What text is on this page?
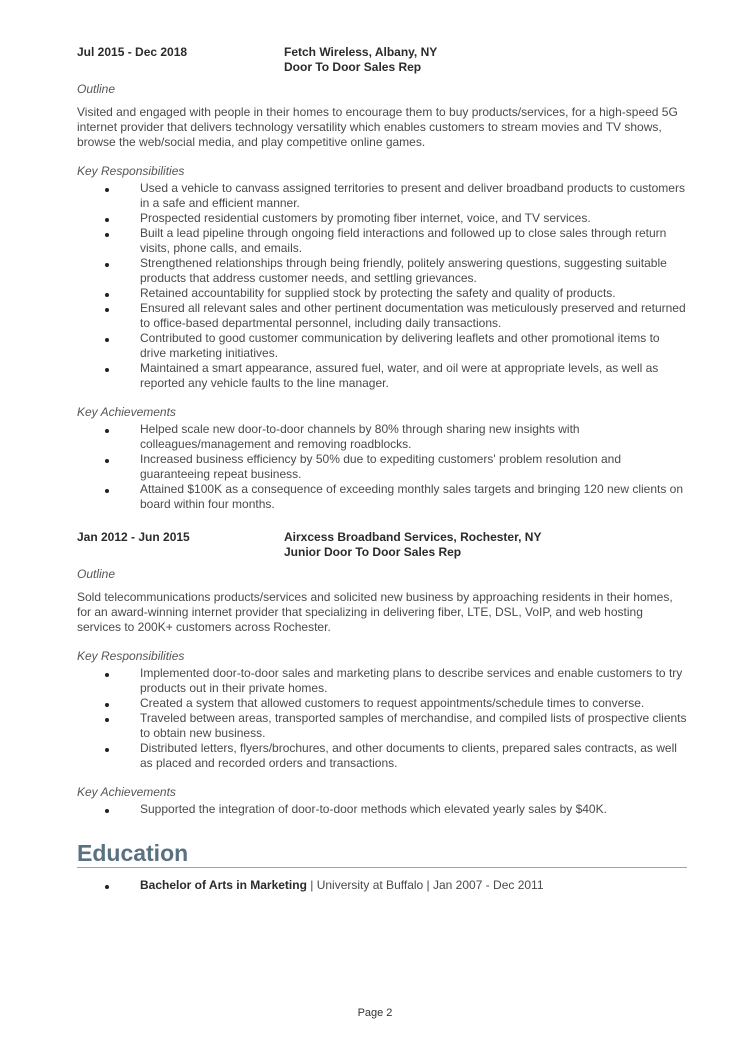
Jul 2015 - Dec 2018	Fetch Wireless, Albany, NY
Door To Door Sales Rep
Outline

Visited and engaged with people in their homes to encourage them to buy products/services, for a high-speed 5G internet provider that delivers technology versatility which enables customers to stream movies and TV shows, browse the web/social media, and play competitive online games.

Key Responsibilities
Used a vehicle to canvass assigned territories to present and deliver broadband products to customers in a safe and efficient manner.
Prospected residential customers by promoting fiber internet, voice, and TV services.
Built a lead pipeline through ongoing field interactions and followed up to close sales through return visits, phone calls, and emails.
Strengthened relationships through being friendly, politely answering questions, suggesting suitable products that address customer needs, and settling grievances.
Retained accountability for supplied stock by protecting the safety and quality of products.
Ensured all relevant sales and other pertinent documentation was meticulously preserved and returned to office-based departmental personnel, including daily transactions.
Contributed to good customer communication by delivering leaflets and other promotional items to drive marketing initiatives.
Maintained a smart appearance, assured fuel, water, and oil were at appropriate levels, as well as reported any vehicle faults to the line manager.
Key Achievements
Helped scale new door-to-door channels by 80% through sharing new insights with colleagues/management and removing roadblocks.
Increased business efficiency by 50% due to expediting customers' problem resolution and guaranteeing repeat business.
Attained $100K as a consequence of exceeding monthly sales targets and bringing 120 new clients on board within four months.
Jan 2012 - Jun 2015	Airxcess Broadband Services, Rochester, NY
Junior Door To Door Sales Rep
Outline

Sold telecommunications products/services and solicited new business by approaching residents in their homes, for an award-winning internet provider that specializing in delivering fiber, LTE, DSL, VoIP, and web hosting services to 200K+ customers across Rochester.

Key Responsibilities
Implemented door-to-door sales and marketing plans to describe services and enable customers to try products out in their private homes.
Created a system that allowed customers to request appointments/schedule times to converse.
Traveled between areas, transported samples of merchandise, and compiled lists of prospective clients to obtain new business.
Distributed letters, flyers/brochures, and other documents to clients, prepared sales contracts, as well as placed and recorded orders and transactions.
Key Achievements
Supported the integration of door-to-door methods which elevated yearly sales by $40K.
Education
Bachelor of Arts in Marketing | University at Buffalo | Jan 2007 - Dec 2011
Page 2
